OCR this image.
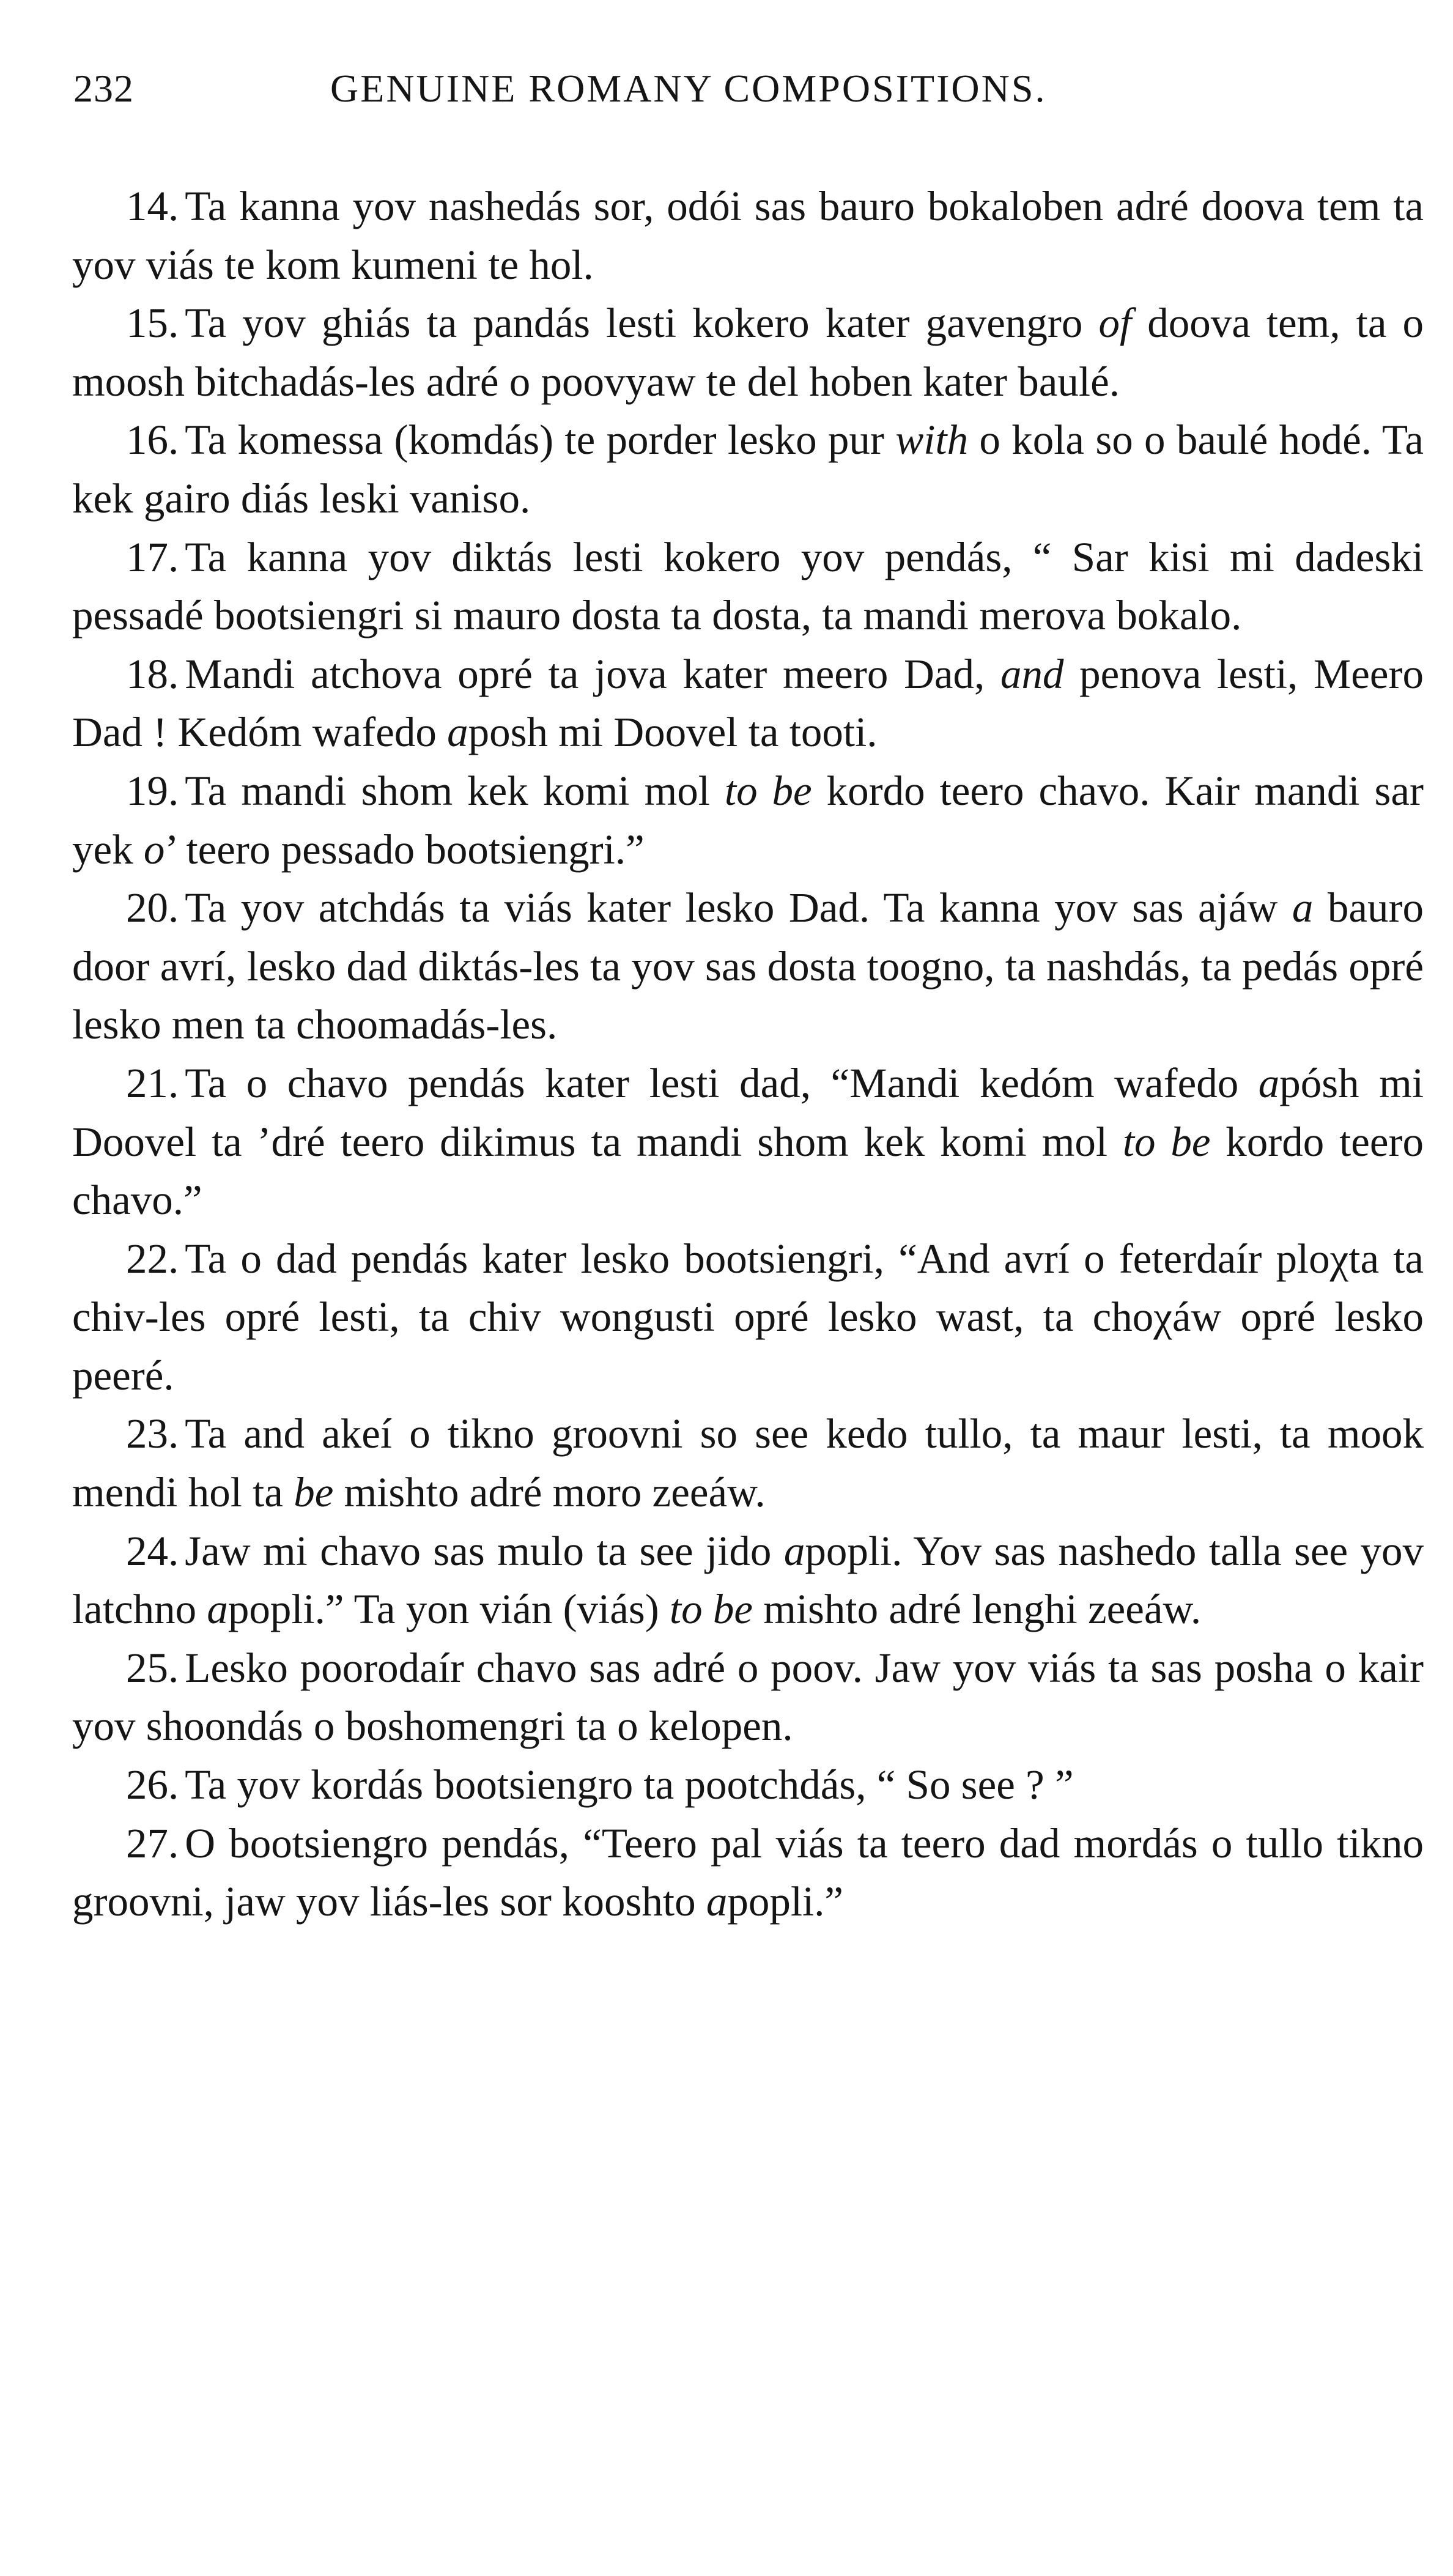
232	GENUINE ROMANY COMPOSITIONS.

14. Ta kanna yov nashedás sor, odói sas bauro bokaloben adré doova tem ta yov viás te kom kumeni te hol.

15. Ta yov ghiás ta pandás lesti kokero kater gavengro of doova tem, ta o moosh bitchadás-les adré o poovyaw te del hoben kater baulé.

16. Ta komessa (komdás) te porder lesko pur with o kola so o baulé hodé. Ta kek gairo diás leski vaniso.

17. Ta kanna yov diktás lesti kokero yov pendás, “ Sar kisi mi dadeski pessadé bootsiengri si mauro dosta ta dosta, ta mandi merova bokalo.

18. Mandi atchova opré ta jova kater meero Dad, and penova lesti, Meero Dad ! Kedóm wafedo aposh mi Doovel ta tooti.

19. Ta mandi shom kek komi mol to be kordo teero chavo. Kair mandi sar yek o’ teero pessado bootsiengri.”

20. Ta yov atchdás ta viás kater lesko Dad. Ta kanna yov sas ajáw a bauro door avrí, lesko dad diktás-les ta yov sas dosta toogno, ta nashdás, ta pedás opré lesko men ta choomadás-les.

21. Ta o chavo pendás kater lesti dad, “Mandi kedóm wafedo apósh mi Doovel ta ’dré teero dikimus ta mandi shom kek komi mol to be kordo teero chavo.”

22. Ta o dad pendás kater lesko bootsiengri, “And avrí o feterdaír ploχta ta chiv-les opré lesti, ta chiv wongusti opré lesko wast, ta choχáw opré lesko peeré.

23. Ta and akeí o tikno groovni so see kedo tullo, ta maur lesti, ta mook mendi hol ta be mishto adré moro zeeáw.

24. Jaw mi chavo sas mulo ta see jido apopli. Yov sas nashedo talla see yov latchno apopli.” Ta yon vián (viás) to be mishto adré lenghi zeeáw.

25. Lesko poorodaír chavo sas adré o poov. Jaw yov viás ta sas posha o kair yov shoondás o boshomengri ta o kelopen.

26. Ta yov kordás bootsiengro ta pootchdás, “ So see ? ”

27. O bootsiengro pendás, “Teero pal viás ta teero dad mordás o tullo tikno groovni, jaw yov liás-les sor kooshto apopli.”
